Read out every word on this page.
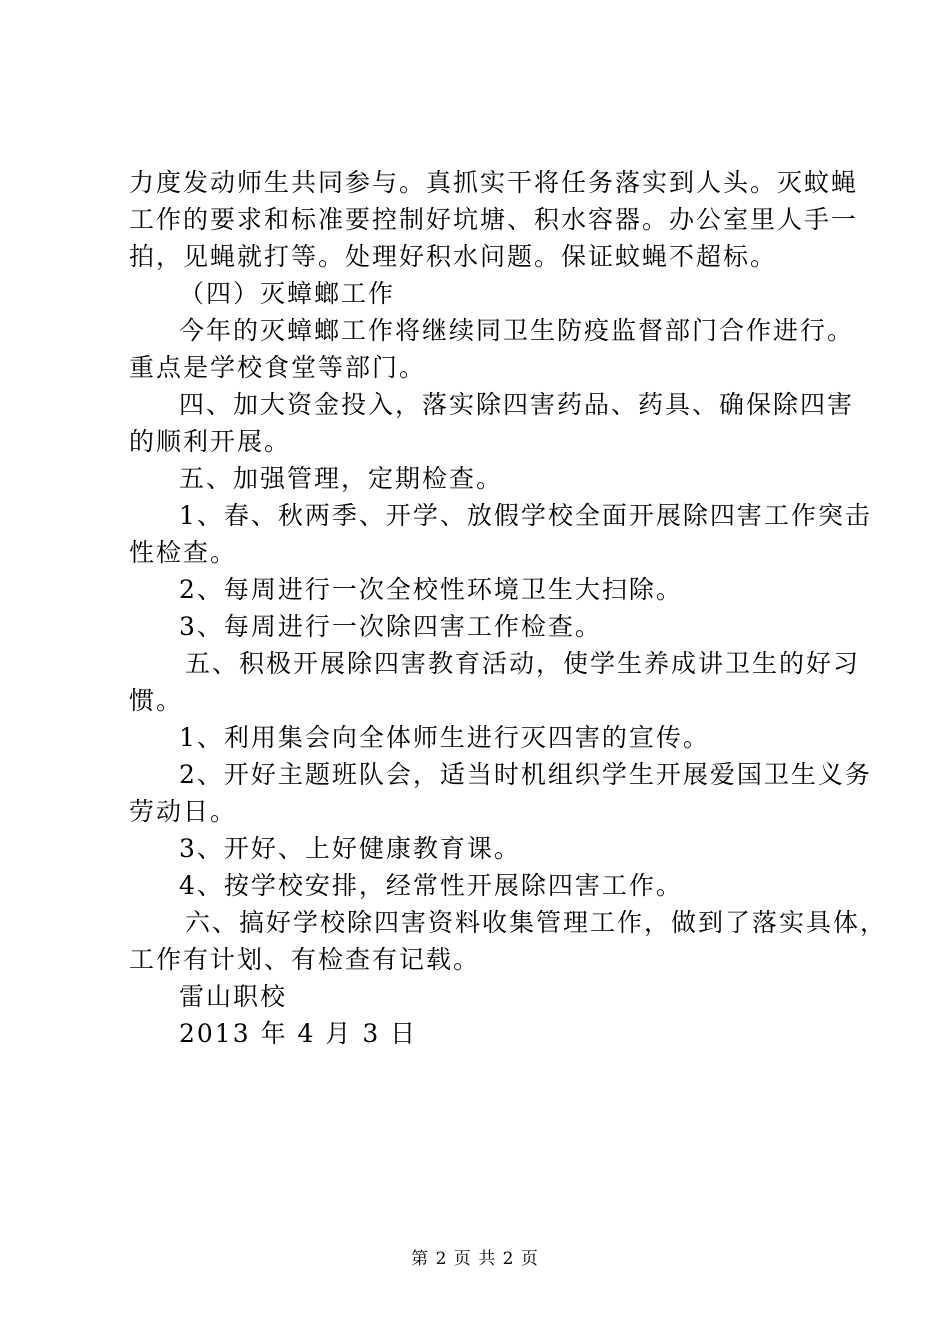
力度发动师生共同参与。真抓实干将任务落实到人头。灭蚊蝇
工作的要求和标准要控制好坑塘、积水容器。办公室里人手一
拍，见蝇就打等。处理好积水问题。保证蚊蝇不超标。
（四）灭蟑螂工作
今年的灭蟑螂工作将继续同卫生防疫监督部门合作进行。
重点是学校食堂等部门。
四、加大资金投入，落实除四害药品、药具、确保除四害
的顺利开展。
五、加强管理，定期检查。
1、春、秋两季、开学、放假学校全面开展除四害工作突击
性检查。
2、每周进行一次全校性环境卫生大扫除。
3、每周进行一次除四害工作检查。
五、积极开展除四害教育活动，使学生养成讲卫生的好习
惯。
1、利用集会向全体师生进行灭四害的宣传。
2、开好主题班队会，适当时机组织学生开展爱国卫生义务
劳动日。
3、开好、上好健康教育课。
4、按学校安排，经常性开展除四害工作。
六、搞好学校除四害资料收集管理工作，做到了落实具体，
工作有计划、有检查有记载。
雷山职校
2013 年 4 月 3 日
第 2 页 共 2 页
